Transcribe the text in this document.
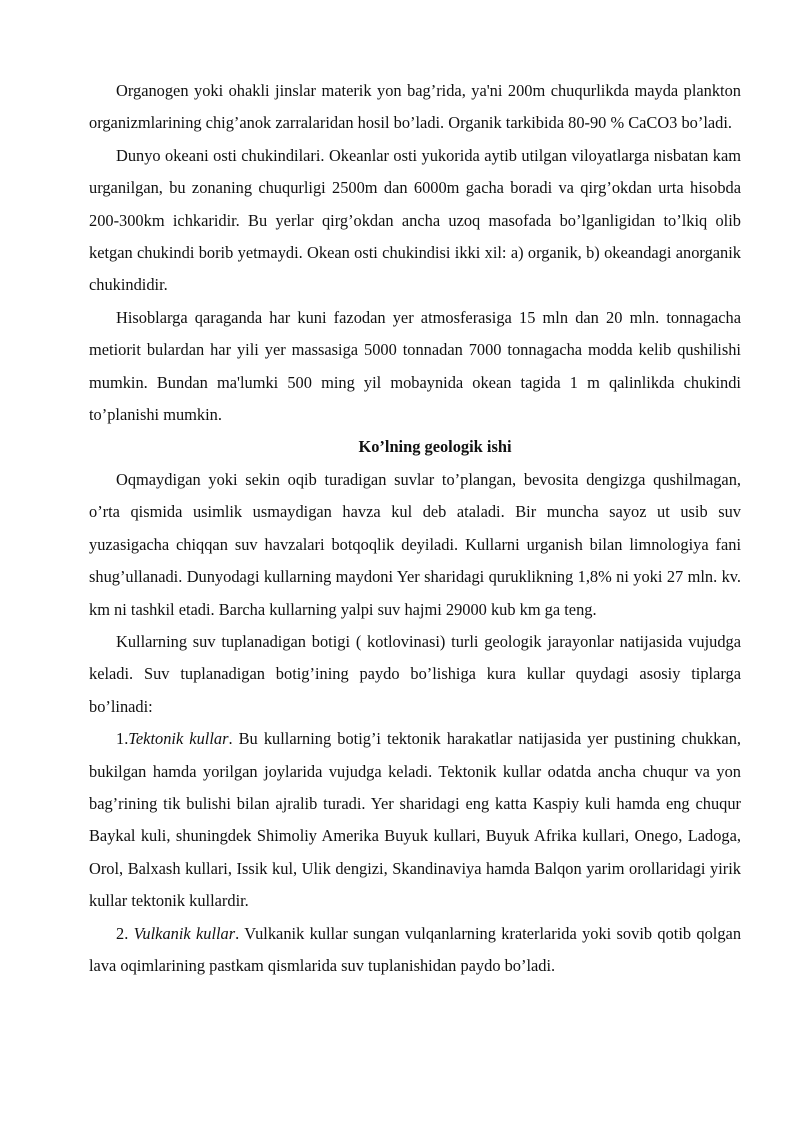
Organogen yoki ohakli jinslar materik yon bag’rida, ya'ni 200m chuqurlikda mayda plankton organizmlarining chig’anok zarralaridan hosil bo’ladi. Organik tarkibida 80-90 % CaCO3 bo’ladi.

Dunyo okeani osti chukindilari. Okeanlar osti yukorida aytib utilgan viloyatlarga nisbatan kam urganilgan, bu zonaning chuqurligi 2500m dan 6000m gacha boradi va qirg’okdan urta hisobda 200-300km ichkaridir. Bu yerlar qirg’okdan ancha uzoq masofada bo’lganligidan to’lkiq olib ketgan chukindi borib yetmaydi. Okean osti chukindisi ikki xil: a) organik, b) okeandagi anorganik chukindidir.

Hisoblarga qaraganda har kuni fazodan yer atmosferasiga 15 mln dan 20 mln. tonnagacha metiorit bulardan har yili yer massasiga 5000 tonnadan 7000 tonnagacha modda kelib qushilishi mumkin. Bundan ma'lumki 500 ming yil mobaynida okean tagida 1 m qalinlikda chukindi to’planishi mumkin.

Ko’lning geologik ishi

Oqmaydigan yoki sekin oqib turadigan suvlar to’plangan, bevosita dengizga qushilmagan, o’rta qismida usimlik usmaydigan havza kul deb ataladi. Bir muncha sayoz ut usib suv yuzasigacha chiqqan suv havzalari botqoqlik deyiladi. Kullarni urganish bilan limnologiya fani shug’ullanadi. Dunyodagi kullarning maydoni Yer sharidagi quruklikning 1,8% ni yoki 27 mln. kv. km ni tashkil etadi. Barcha kullarning yalpi suv hajmi 29000 kub km ga teng.

Kullarning suv tuplanadigan botigi ( kotlovinasi) turli geologik jarayonlar natijasida vujudga keladi. Suv tuplanadigan botig’ining paydo bo’lishiga kura kullar quydagi asosiy tiplarga bo’linadi:

1.Tektonik kullar. Bu kullarning botig’i tektonik harakatlar natijasida yer pustining chukkan, bukilgan hamda yorilgan joylarida vujudga keladi. Tektonik kullar odatda ancha chuqur va yon bag’rining tik bulishi bilan ajralib turadi. Yer sharidagi eng katta Kaspiy kuli hamda eng chuqur Baykal kuli, shuningdek Shimoliy Amerika Buyuk kullari, Buyuk Afrika kullari, Onego, Ladoga, Orol, Balxash kullari, Issik kul, Ulik dengizi, Skandinaviya hamda Balqon yarim orollaridagi yirik kullar tektonik kullardir.

2. Vulkanik kullar. Vulkanik kullar sungan vulqanlarning kraterlarida yoki sovib qotib qolgan lava oqimlarining pastkam qismlarida suv tuplanishidan paydo bo’ladi.
